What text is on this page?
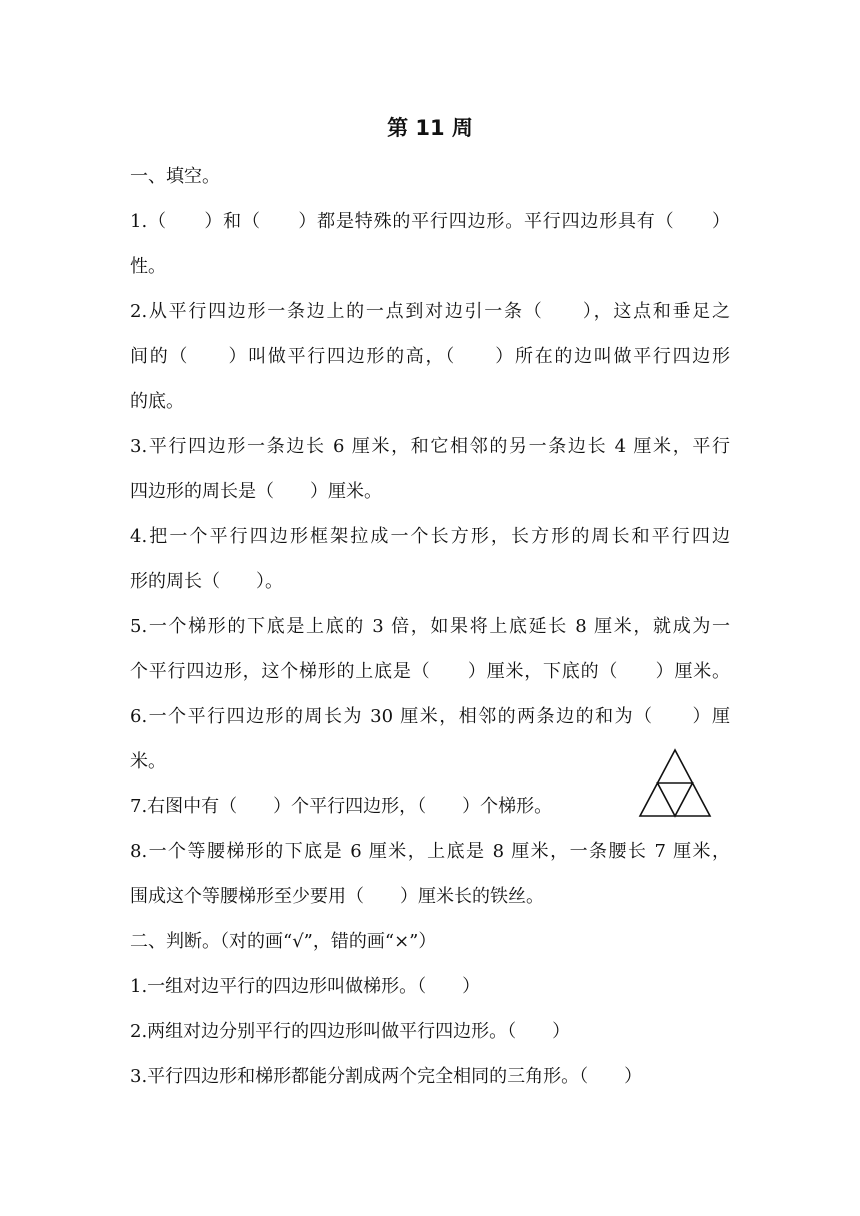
第 11 周
一、填空。
1.（　　）和（　　）都是特殊的平行四边形。平行四边形具有（　　）
性。
2.从平行四边形一条边上的一点到对边引一条（　　），这点和垂足之
间的（　　）叫做平行四边形的高，（　　）所在的边叫做平行四边形
的底。
3.平行四边形一条边长 6 厘米，和它相邻的另一条边长 4 厘米，平行
四边形的周长是（　　）厘米。
4.把一个平行四边形框架拉成一个长方形，长方形的周长和平行四边
形的周长（　　）。
5.一个梯形的下底是上底的 3 倍，如果将上底延长 8 厘米，就成为一
个平行四边形，这个梯形的上底是（　　）厘米，下底的（　　）厘米。
6.一个平行四边形的周长为 30 厘米，相邻的两条边的和为（　　）厘
米。
7.右图中有（　　）个平行四边形，（　　）个梯形。
8.一个等腰梯形的下底是 6 厘米，上底是 8 厘米，一条腰长 7 厘米，
围成这个等腰梯形至少要用（　　）厘米长的铁丝。
二、判断。（对的画“√”，错的画“×”）
1.一组对边平行的四边形叫做梯形。（　　）
2.两组对边分别平行的四边形叫做平行四边形。（　　）
3.平行四边形和梯形都能分割成两个完全相同的三角形。（　　）
